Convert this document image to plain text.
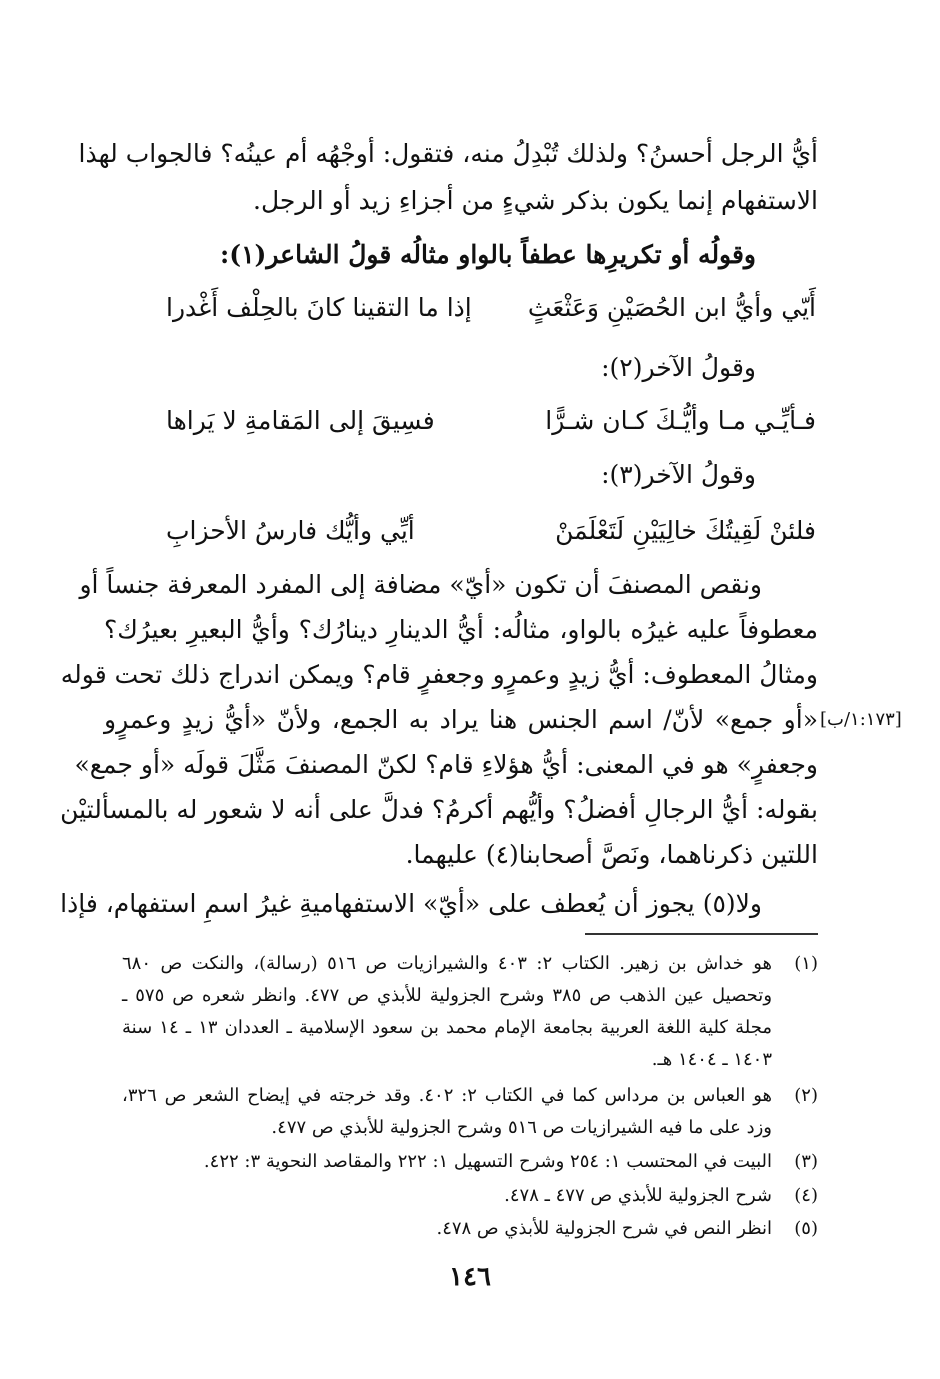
أيُّ الرجل أحسنُ؟ ولذلك تُبْدِلُ منه، فتقول: أوجْهُه أم عينُه؟ فالجواب لهذا
الاستفهام إنما يكون بذكر شيءٍ من أجزاءِ زيد أو الرجل.
وقولُه أو تكريرِها عطفاً بالواو مثالُه قولُ الشاعر(١):
أَيّي وأيُّ ابن الحُصَيْنِ وَعَثْعَثٍ
إذا ما التقينا كانَ بالحِلْف أَغْدرا
وقولُ الآخر(٢):
فـأيِّـي مـا وأيُّـكَ كـان شـرًّا
فسِيقَ إلى المَقامةِ لا يَراها
وقولُ الآخر(٣):
فلئنْ لَقِيتُكَ خالِيَيْنِ لَتَعْلَمَنْ
أيِّي وأيُّك فارسُ الأحزابِ
ونقص المصنفَ أن تكون «أيّ» مضافة إلى المفرد المعرفة جنساً أو
معطوفاً عليه غيرُه بالواو، مثالُه: أيُّ الدينارِ دينارُك؟ وأيُّ البعيرِ بعيرُك؟
ومثالُ المعطوف: أيُّ زيدٍ وعمرٍو وجعفرٍ قام؟ ويمكن اندراج ذلك تحت قوله
«أو جمع» لأنّ/ اسم الجنس هنا يراد به الجمع، ولأنّ «أيُّ زيدٍ وعمرٍو
وجعفرٍ» هو في المعنى: أيُّ هؤلاءِ قام؟ لكنّ المصنفَ مَثَّلَ قولَه «أو جمع»
بقوله: أيُّ الرجالِ أفضلُ؟ وأيُّهم أكرمُ؟ فدلَّ على أنه لا شعور له بالمسألتيْن
اللتين ذكرناهما، ونَصَّ أصحابنا(٤) عليهما.
ولا(٥) يجوز أن يُعطف على «أيّ» الاستفهاميةِ غيرُ اسمِ استفهام، فإذا
[١:١٧٣/ب]
(١)
هو خداش بن زهير. الكتاب ٢: ٤٠٣ والشيرازيات ص ٥١٦ (رسالة)، والنكت ص ٦٨٠
وتحصيل عين الذهب ص ٣٨٥ وشرح الجزولية للأبذي ص ٤٧٧. وانظر شعره ص ٥٧٥ ـ
مجلة كلية اللغة العربية بجامعة الإمام محمد بن سعود الإسلامية ـ العددان ١٣ ـ ١٤ سنة
١٤٠٣ ـ ١٤٠٤ هـ.
(٢)
هو العباس بن مرداس كما في الكتاب ٢: ٤٠٢. وقد خرجته في إيضاح الشعر ص ٣٢٦،
وزد على ما فيه الشيرازيات ص ٥١٦ وشرح الجزولية للأبذي ص ٤٧٧.
(٣)
البيت في المحتسب ١: ٢٥٤ وشرح التسهيل ١: ٢٢٢ والمقاصد النحوية ٣: ٤٢٢.
(٤)
شرح الجزولية للأبذي ص ٤٧٧ ـ ٤٧٨.
(٥)
انظر النص في شرح الجزولية للأبذي ص ٤٧٨.
١٤٦
